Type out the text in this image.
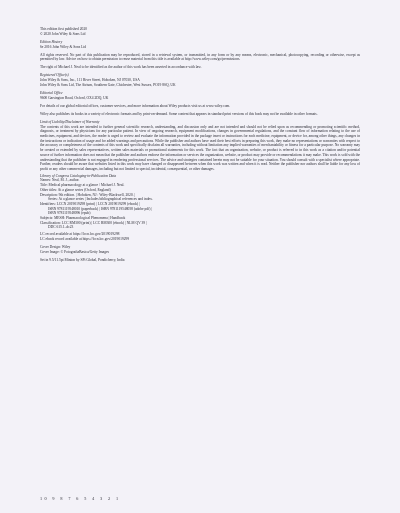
This edition first published 2020
© 2020 John Wiley & Sons Ltd
Edition History
6e 2016 John Wiley & Sons Ltd

All rights reserved. No part of this publication may be reproduced, stored in a retrieval system, or transmitted, in any form or by any means, electronic, mechanical, photocopying, recording or otherwise, except as permitted by law. Advice on how to obtain permission to reuse material from this title is available at http://www.wiley.com/go/permissions.

The right of Michael J. Neal to be identified as the author of this work has been asserted in accordance with law.

Registered Office(s)
John Wiley & Sons, Inc., 111 River Street, Hoboken, NJ 07030, USA
John Wiley & Sons Ltd, The Atrium, Southern Gate, Chichester, West Sussex, PO19 8SQ, UK
Editorial Office
9600 Garsington Road, Oxford, OX4 2DQ, UK

For details of our global editorial offices, customer services, and more information about Wiley products visit us at www.wiley.com.

Wiley also publishes its books in a variety of electronic formats and by print-on-demand. Some content that appears in standard print versions of this book may not be available in other formats.

Limit of Liability/Disclaimer of Warranty

The contents of this work are intended to further general scientific research, understanding, and discussion only and are not intended and should not be relied upon as recommending or promoting scientific method, diagnosis, or treatment by physicians for any particular patient. In view of ongoing research, equipment modifications, changes in governmental regulations, and the constant flow of information relating to the use of medicines, equipment, and devices, the reader is urged to review and evaluate the information provided in the package insert or instructions for each medicine, equipment, or device for, among other things, any changes in the instructions or indication of usage and for added warnings and precautions. While the publisher and authors have used their best efforts in preparing this work, they make no representations or warranties with respect to the accuracy or completeness of the contents of this work and specifically disclaim all warranties, including without limitation any implied warranties of merchantability or fitness for a particular purpose. No warranty may be created or extended by sales representatives, written sales materials or promotional statements for this work. The fact that an organization, website, or product is referred to in this work as a citation and/or potential source of further information does not mean that the publisher and authors endorse the information or services the organization, website, or product may provide or recommendations it may make. This work is sold with the understanding that the publisher is not engaged in rendering professional services. The advice and strategies contained herein may not be suitable for your situation. You should consult with a specialist where appropriate. Further, readers should be aware that websites listed in this work may have changed or disappeared between when this work was written and when it is read. Neither the publisher nor authors shall be liable for any loss of profit or any other commercial damages, including but not limited to special, incidental, consequential, or other damages.

Library of Congress Cataloging-in-Publication Data
Names: Neal, M. J., author.
Title: Medical pharmacology at a glance / Michael J. Neal.
Other titles: At a glance series (Oxford, England)
Description: 9th edition. | Hoboken, NJ : Wiley-Blackwell, 2020. |
Series: At a glance series | Includes bibliographical references and index.
Identifiers: LCCN 2019019298 (print) | LCCN 2019019299 (ebook) |
ISBN 9781119548010 (paperback) | ISBN 9781119548058 (adobe pdf) |
ISBN 9781119548096 (epub)
Subjects: MESH: Pharmacological Phenomena | Handbook
Classification: LCC RM300 (print) | LCC RM300 (ebook) | NLM QV 39 |
DDC 615.1–dc23
LC record available at https://lccn.loc.gov/2019019298
LC ebook record available at https://lccn.loc.gov/2019019299
Cover Design: Wiley
Cover Image: © FotografiaBasica/Getty Images
Set in 9.5/11.5pt Minion by SPi Global, Pondicherry, India
10 9 8 7 6 5 4 3 2 1
